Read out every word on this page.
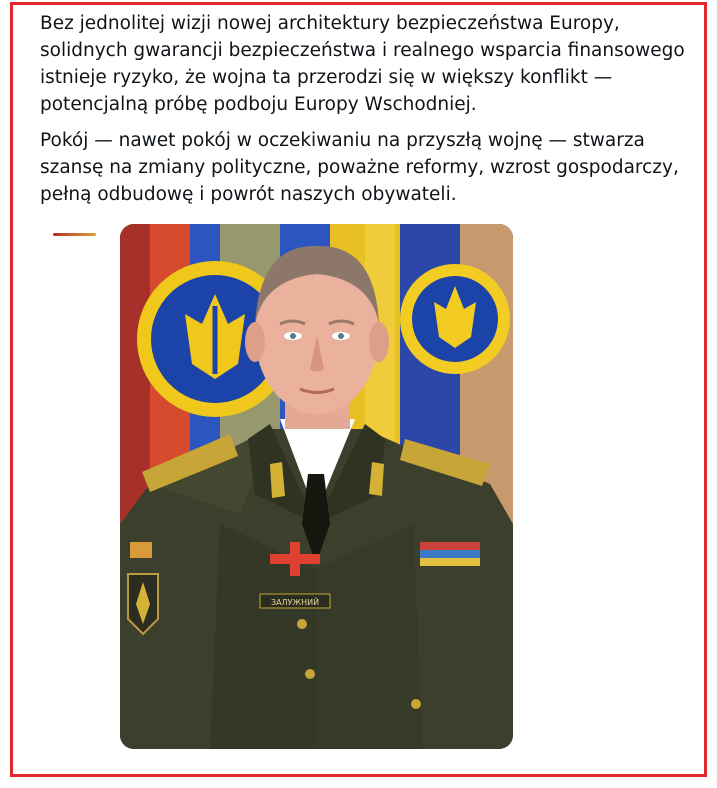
Bez jednolitej wizji nowej architektury bezpieczeństwa Europy, solidnych gwarancji bezpieczeństwa i realnego wsparcia finansowego istnieje ryzyko, że wojna ta przerodzi się w większy konflikt — potencjalną próbę podboju Europy Wschodniej.

Pokój — nawet pokój w oczekiwaniu na przyszłą wojnę — stwarza szansę na zmiany polityczne, poważne reformy, wzrost gospodarczy, pełną odbudowę i powrót naszych obywateli.

ЗАЛУЖНИЙ
